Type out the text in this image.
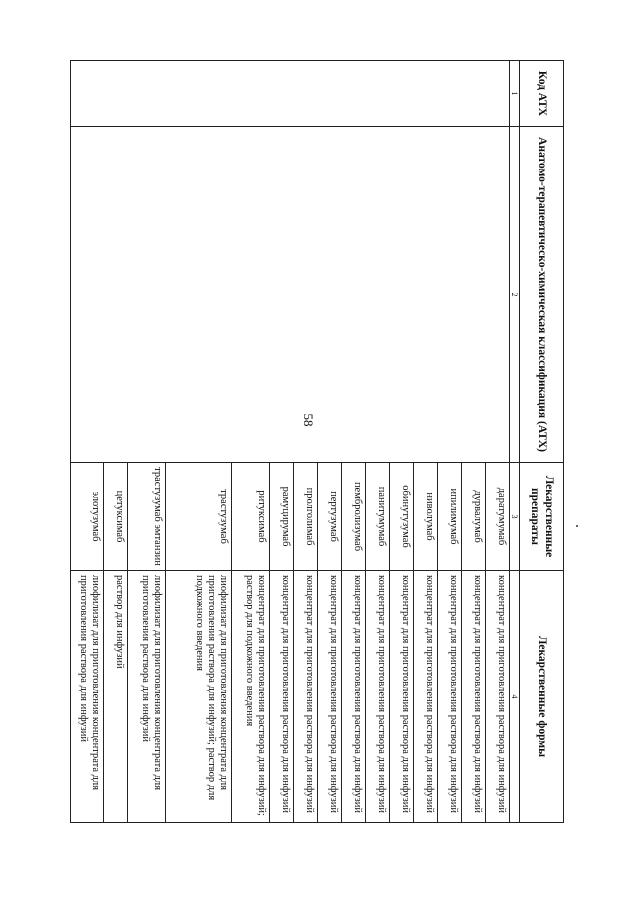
58
Код АТХ	Анатомо-терапевтическо-химическая классификация (АТХ)	Лекарственные препараты	Лекарственные формы
1	2	3	4
		даратумумаб	концентрат для приготовления раствора для инфузий
		дурвалумаб	концентрат для приготовления раствора для инфузий
		ипилимумаб	концентрат для приготовления раствора для инфузий
		ниволумаб	концентрат для приготовления раствора для инфузий
		обинутузумаб	концентрат для приготовления раствора для инфузий
		панитумумаб	концентрат для приготовления раствора для инфузий
		пембролизумаб	концентрат для приготовления раствора для инфузий
		пертузумаб	концентрат для приготовления раствора для инфузий
		пролголимаб	концентрат для приготовления раствора для инфузий
		рамуцирумаб	концентрат для приготовления раствора для инфузий
		ритуксимаб	концентрат для приготовления раствора для инфузий; раствор для подкожного введения
		трастузумаб	лиофилизат для приготовления концентрата для приготовления раствора для инфузий; раствор для подкожного введения
		трастузумаб эмтанзин	лиофилизат для приготовления концентрата для приготовления раствора для инфузий
		цетуксимаб	раствор для инфузий
		элотузумаб	лиофилизат для приготовления концентрата для приготовления раствора для инфузий
